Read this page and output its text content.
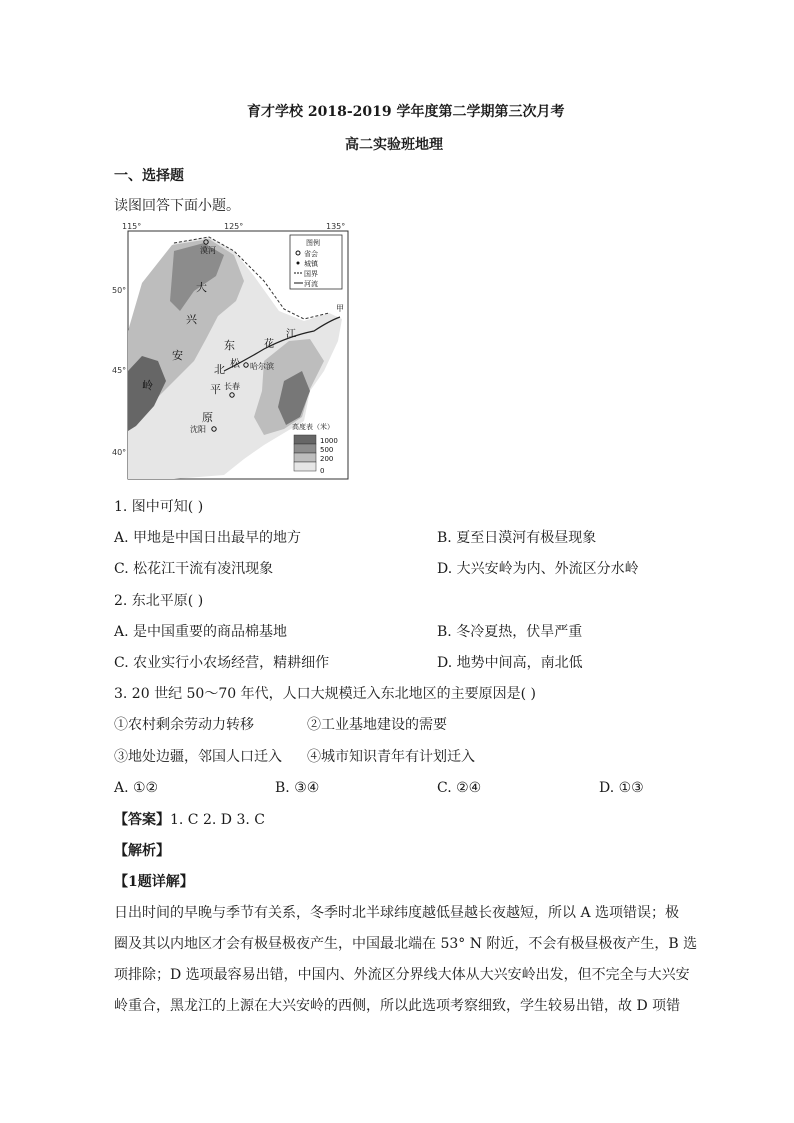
育才学校 2018-2019 学年度第二学期第三次月考
高二实验班地理
一、选择题
读图回答下面小题。
115°	125°	135°
50°
45°
40°
漠河
大
兴
安
岭
东
北
平
原
松
花
江
哈尔滨
长春
沈阳
甲
图例
省会
城镇
国界
河流
高度表（米）
1000
500
200
0
1. 图中可知( )
A. 甲地是中国日出最早的地方	B. 夏至日漠河有极昼现象
C. 松花江干流有凌汛现象	D. 大兴安岭为内、外流区分水岭
2. 东北平原( )
A. 是中国重要的商品棉基地	B. 冬冷夏热，伏旱严重
C. 农业实行小农场经营，精耕细作	D. 地势中间高，南北低
3. 20 世纪 50～70 年代，人口大规模迁入东北地区的主要原因是( )
①农村剩余劳动力转移	②工业基地建设的需要
③地处边疆，邻国人口迁入 ④城市知识青年有计划迁入
A. ①②	B. ③④	C. ②④	D. ①③
【答案】1. C 2. D 3. C
【解析】
【1题详解】
日出时间的早晚与季节有关系，冬季时北半球纬度越低昼越长夜越短，所以 A 选项错误；极
圈及其以内地区才会有极昼极夜产生，中国最北端在 53° N 附近，不会有极昼极夜产生，B 选
项排除；D 选项最容易出错，中国内、外流区分界线大体从大兴安岭出发，但不完全与大兴安
岭重合，黑龙江的上源在大兴安岭的西侧，所以此选项考察细致，学生较易出错，故 D 项错
